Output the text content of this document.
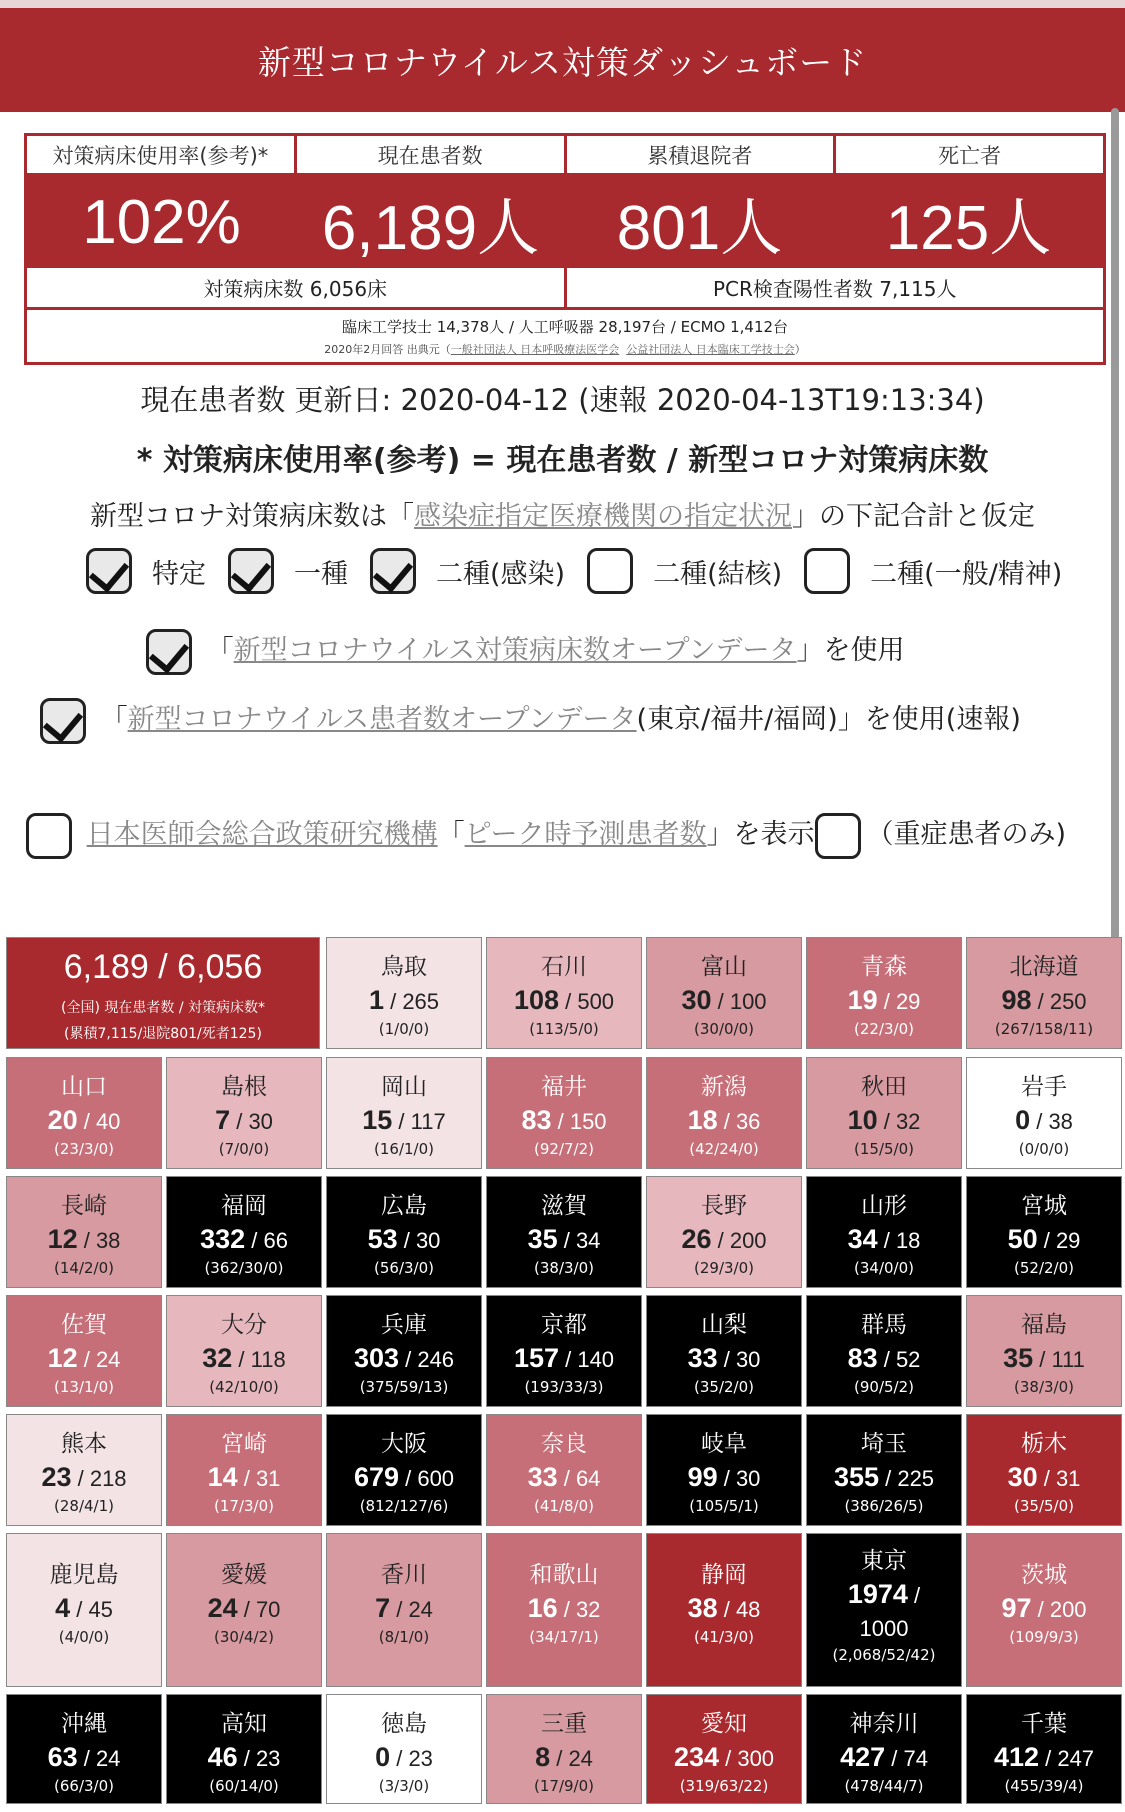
新型コロナウイルス対策ダッシュボード
対策病床使用率(参考)*	現在患者数	累積退院者	死亡者
102%	6,189人	801人	125人
対策病床数 6,056床	PCR検査陽性者数 7,115人
臨床工学技士 14,378人 / 人工呼吸器 28,197台 / ECMO 1,412台
2020年2月回答 出典元（一般社団法人 日本呼吸療法医学会 公益社団法人 日本臨床工学技士会）
現在患者数 更新日: 2020-04-12 (速報 2020-04-13T19:13:34)
* 対策病床使用率(参考) = 現在患者数 / 新型コロナ対策病床数
新型コロナ対策病床数は「感染症指定医療機関の指定状況」の下記合計と仮定
特定	一種	二種(感染)	二種(結核)	二種(一般/精神)
「新型コロナウイルス対策病床数オープンデータ」を使用
「新型コロナウイルス患者数オープンデータ(東京/福井/福岡)」を使用(速報)
日本医師会総合政策研究機構「ピーク時予測患者数」を表示 （重症患者のみ)
6,189 / 6,056
(全国) 現在患者数 / 対策病床数*
(累積7,115/退院801/死者125)
鳥取
1 / 265
(1/0/0)
石川
108 / 500
(113/5/0)
富山
30 / 100
(30/0/0)
青森
19 / 29
(22/3/0)
北海道
98 / 250
(267/158/11)
山口
20 / 40
(23/3/0)
島根
7 / 30
(7/0/0)
岡山
15 / 117
(16/1/0)
福井
83 / 150
(92/7/2)
新潟
18 / 36
(42/24/0)
秋田
10 / 32
(15/5/0)
岩手
0 / 38
(0/0/0)
長崎
12 / 38
(14/2/0)
福岡
332 / 66
(362/30/0)
広島
53 / 30
(56/3/0)
滋賀
35 / 34
(38/3/0)
長野
26 / 200
(29/3/0)
山形
34 / 18
(34/0/0)
宮城
50 / 29
(52/2/0)
佐賀
12 / 24
(13/1/0)
大分
32 / 118
(42/10/0)
兵庫
303 / 246
(375/59/13)
京都
157 / 140
(193/33/3)
山梨
33 / 30
(35/2/0)
群馬
83 / 52
(90/5/2)
福島
35 / 111
(38/3/0)
熊本
23 / 218
(28/4/1)
宮崎
14 / 31
(17/3/0)
大阪
679 / 600
(812/127/6)
奈良
33 / 64
(41/8/0)
岐阜
99 / 30
(105/5/1)
埼玉
355 / 225
(386/26/5)
栃木
30 / 31
(35/5/0)
鹿児島
4 / 45
(4/0/0)
愛媛
24 / 70
(30/4/2)
香川
7 / 24
(8/1/0)
和歌山
16 / 32
(34/17/1)
静岡
38 / 48
(41/3/0)
東京
1974 /
1000
(2,068/52/42)
茨城
97 / 200
(109/9/3)
沖縄
63 / 24
(66/3/0)
高知
46 / 23
(60/14/0)
徳島
0 / 23
(3/3/0)
三重
8 / 24
(17/9/0)
愛知
234 / 300
(319/63/22)
神奈川
427 / 74
(478/44/7)
千葉
412 / 247
(455/39/4)
